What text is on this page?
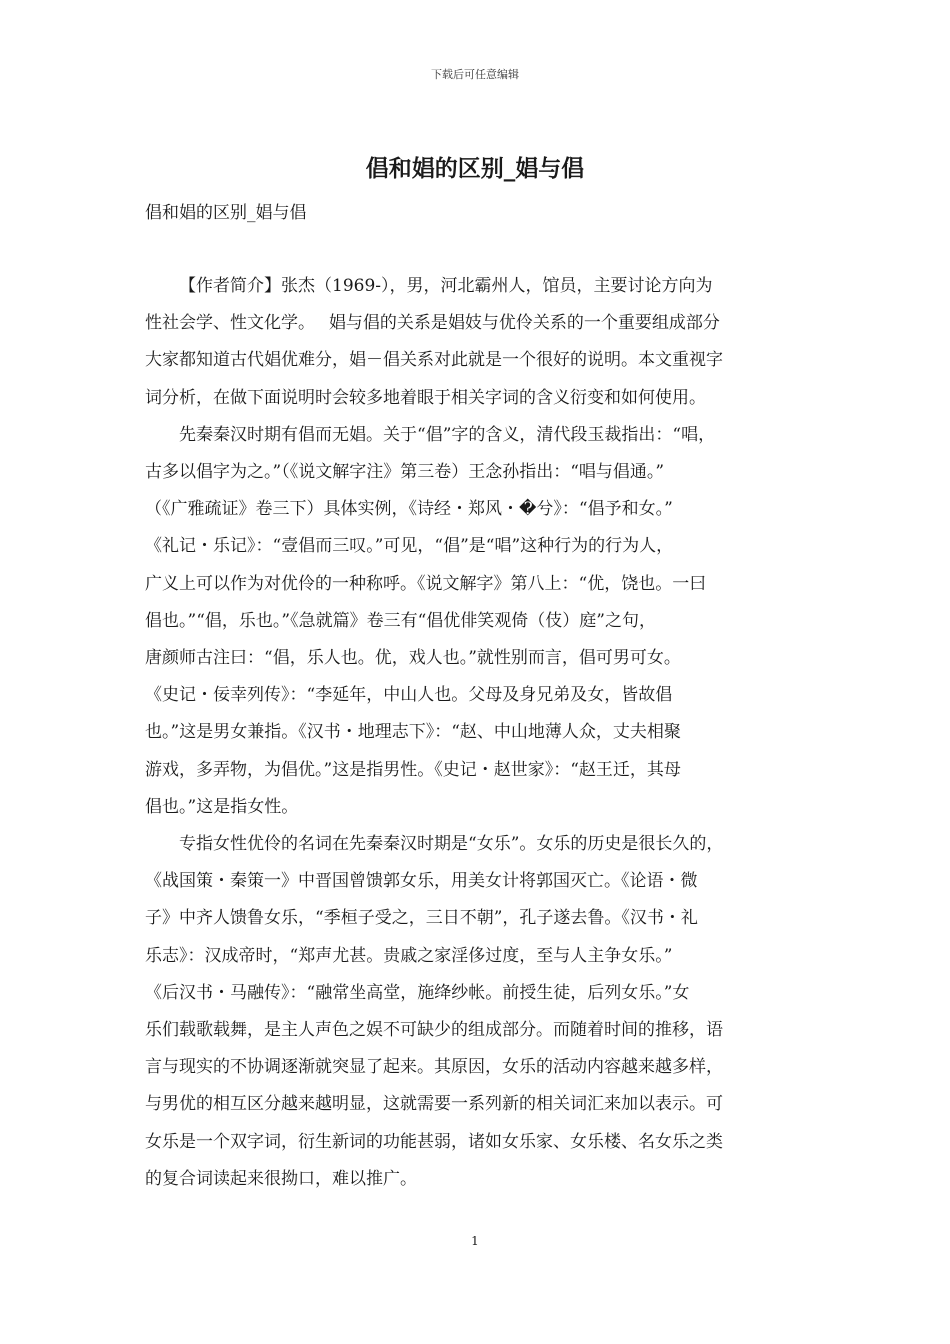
下载后可任意编辑
倡和娼的区别_娼与倡

倡和娼的区别_娼与倡

【作者简介】张杰（1969-），男，河北霸州人，馆员，主要讨论方向为
性社会学、性文化学。　 娼与倡的关系是娼妓与优伶关系的一个重要组成部分
大家都知道古代娼优难分，娼－倡关系对此就是一个很好的说明。本文重视字
词分析，在做下面说明时会较多地着眼于相关字词的含义衍变和如何使用。

先秦秦汉时期有倡而无娼。关于“倡”字的含义，清代段玉裁指出：“唱，
古多以倡字为之。”（《说文解字注》第三卷）王念孙指出：“唱与倡通。”
（《广雅疏证》卷三下）具体实例，《诗经・郑风・�兮》：“倡予和女。”
《礼记・乐记》：“壹倡而三叹。”可见，“倡”是“唱”这种行为的行为人，
广义上可以作为对优伶的一种称呼。《说文解字》第八上：“优，饶也。一曰
倡也。”“倡，乐也。”《急就篇》卷三有“倡优俳笑观倚（伎）庭”之句，
唐颜师古注曰：“倡，乐人也。优，戏人也。”就性别而言，倡可男可女。
《史记・佞幸列传》：“李延年，中山人也。父母及身兄弟及女，皆故倡
也。”这是男女兼指。《汉书・地理志下》：“赵、中山地薄人众，丈夫相聚
游戏，多弄物，为倡优。”这是指男性。《史记・赵世家》：“赵王迁，其母
倡也。”这是指女性。

专指女性优伶的名词在先秦秦汉时期是“女乐”。女乐的历史是很长久的，
《战国策・秦策一》中晋国曾馈郭女乐，用美女计将郭国灭亡。《论语・微
子》中齐人馈鲁女乐，“季桓子受之，三日不朝”，孔子遂去鲁。《汉书・礼
乐志》：汉成帝时，“郑声尤甚。贵戚之家淫侈过度，至与人主争女乐。”
《后汉书・马融传》：“融常坐高堂，施绛纱帐。前授生徒，后列女乐。”女
乐们载歌载舞，是主人声色之娱不可缺少的组成部分。而随着时间的推移，语
言与现实的不协调逐渐就突显了起来。其原因，女乐的活动内容越来越多样，
与男优的相互区分越来越明显，这就需要一系列新的相关词汇来加以表示。可
女乐是一个双字词，衍生新词的功能甚弱，诸如女乐家、女乐楼、名女乐之类
的复合词读起来很拗口，难以推广。

1
